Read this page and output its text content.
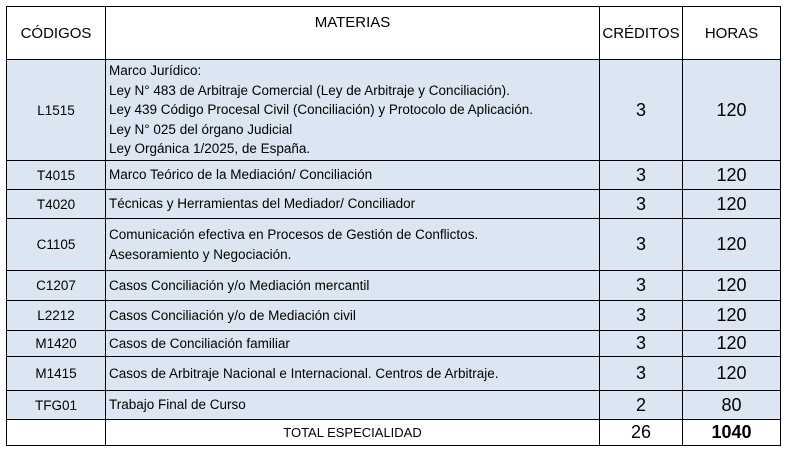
CÓDIGOS	MATERIAS	CRÉDITOS	HORAS
L1515	Marco Jurídico:
Ley N° 483 de Arbitraje Comercial (Ley de Arbitraje y Conciliación).
Ley 439 Código Procesal Civil (Conciliación) y Protocolo de Aplicación.
Ley N° 025 del órgano Judicial
Ley Orgánica 1/2025, de España.	3	120
T4015	Marco Teórico de la Mediación/ Conciliación	3	120
T4020	Técnicas y Herramientas del Mediador/ Conciliador	3	120
C1105	Comunicación efectiva en Procesos de Gestión de Conflictos.
Asesoramiento y Negociación.	3	120
C1207	Casos Conciliación y/o Mediación mercantil	3	120
L2212	Casos Conciliación y/o de Mediación civil	3	120
M1420	Casos de Conciliación familiar	3	120
M1415	Casos de Arbitraje Nacional e Internacional. Centros de Arbitraje.	3	120
TFG01	Trabajo Final de Curso	2	80
	TOTAL ESPECIALIDAD	26	1040
